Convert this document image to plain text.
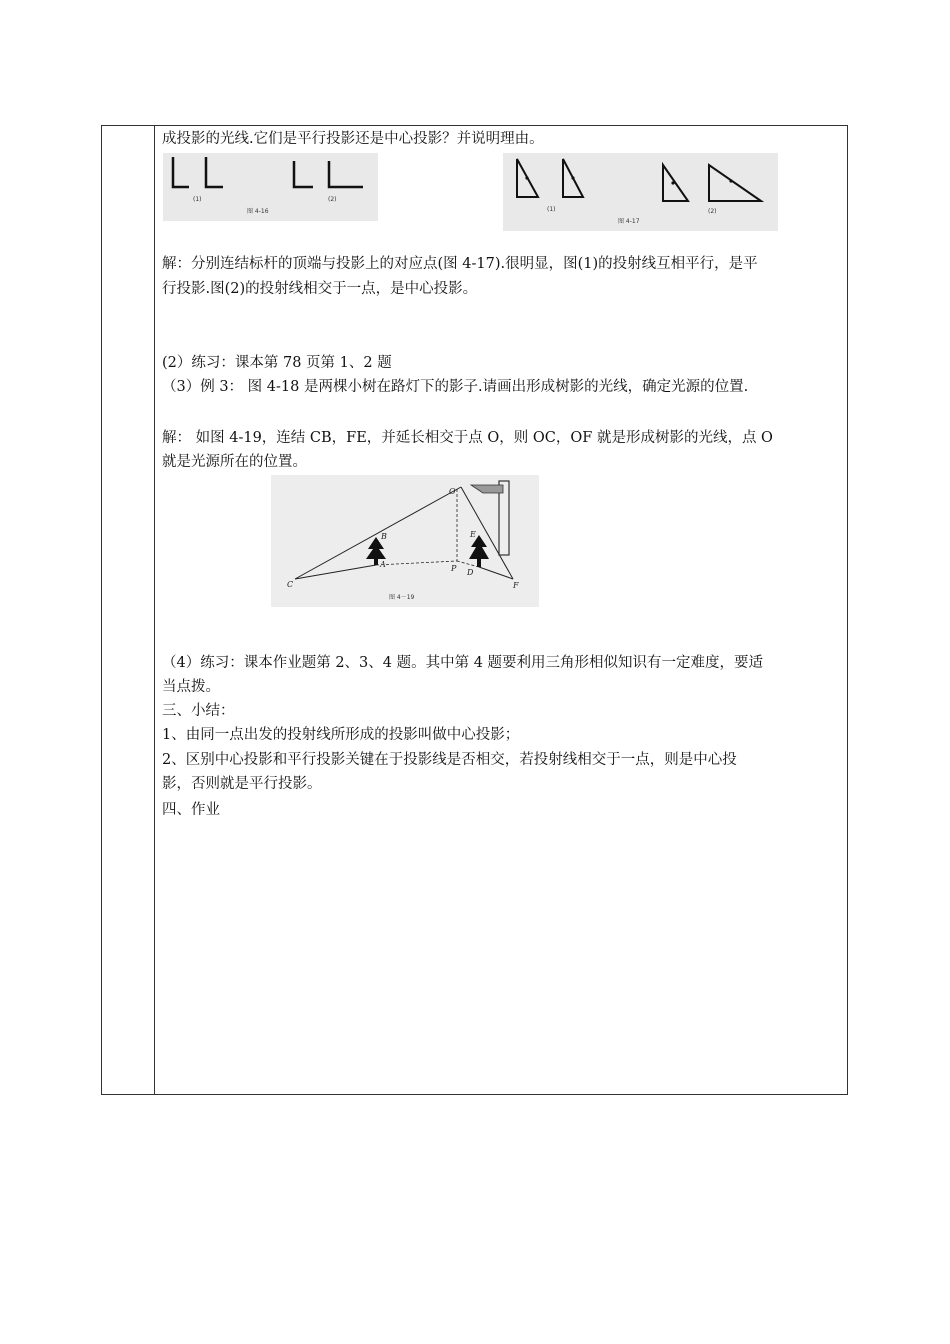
成投影的光线.它们是平行投影还是中心投影？并说明理由。
(1)	(2)
图 4-16	(1)	(2)
图 4-17
解：分别连结标杆的顶端与投影上的对应点(图 4-17).很明显，图(1)的投射线互相平行，是平
行投影.图(2)的投射线相交于一点，是中心投影。
(2）练习：课本第 78 页第 1、2 题
（3）例 3： 图 4-18 是两棵小树在路灯下的影子.请画出形成树影的光线，确定光源的位置.
解： 如图 4-19，连结 CB，FE，并延长相交于点 O，则 OC，OF 就是形成树影的光线，点 O
就是光源所在的位置。
O
B
A
C
E
P D
F
图 4－19
（4）练习：课本作业题第 2、3、4 题。其中第 4 题要利用三角形相似知识有一定难度，要适
当点拨。
三、小结：
1、由同一点出发的投射线所形成的投影叫做中心投影；
2、区别中心投影和平行投影关键在于投影线是否相交，若投射线相交于一点，则是中心投
影，否则就是平行投影。
四、作业
